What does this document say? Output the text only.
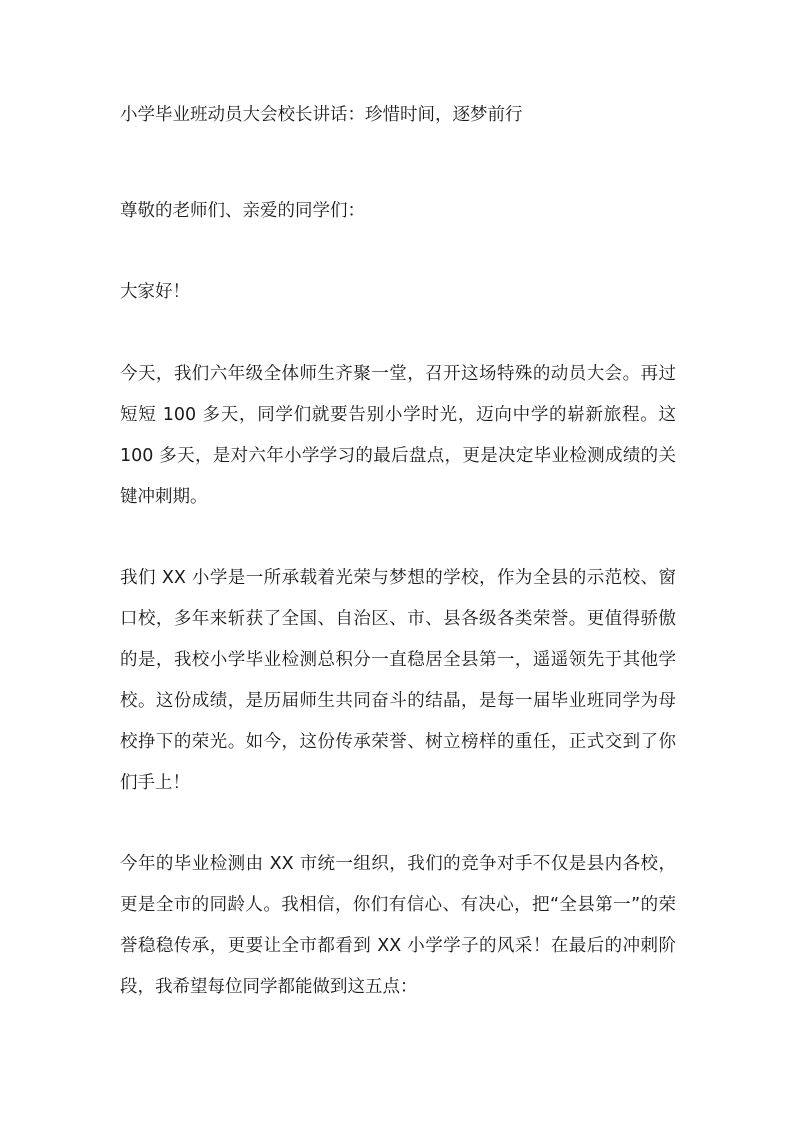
小学毕业班动员大会校长讲话：珍惜时间，逐梦前行

尊敬的老师们、亲爱的同学们：

大家好！

今天，我们六年级全体师生齐聚一堂，召开这场特殊的动员大会。再过短短 100 多天，同学们就要告别小学时光，迈向中学的崭新旅程。这 100 多天，是对六年小学学习的最后盘点，更是决定毕业检测成绩的关键冲刺期。

我们 XX 小学是一所承载着光荣与梦想的学校，作为全县的示范校、窗口校，多年来斩获了全国、自治区、市、县各级各类荣誉。更值得骄傲的是，我校小学毕业检测总积分一直稳居全县第一，遥遥领先于其他学校。这份成绩，是历届师生共同奋斗的结晶，是每一届毕业班同学为母校挣下的荣光。如今，这份传承荣誉、树立榜样的重任，正式交到了你们手上！

今年的毕业检测由 XX 市统一组织，我们的竞争对手不仅是县内各校，更是全市的同龄人。我相信，你们有信心、有决心，把“全县第一”的荣誉稳稳传承，更要让全市都看到 XX 小学学子的风采！在最后的冲刺阶段，我希望每位同学都能做到这五点：
